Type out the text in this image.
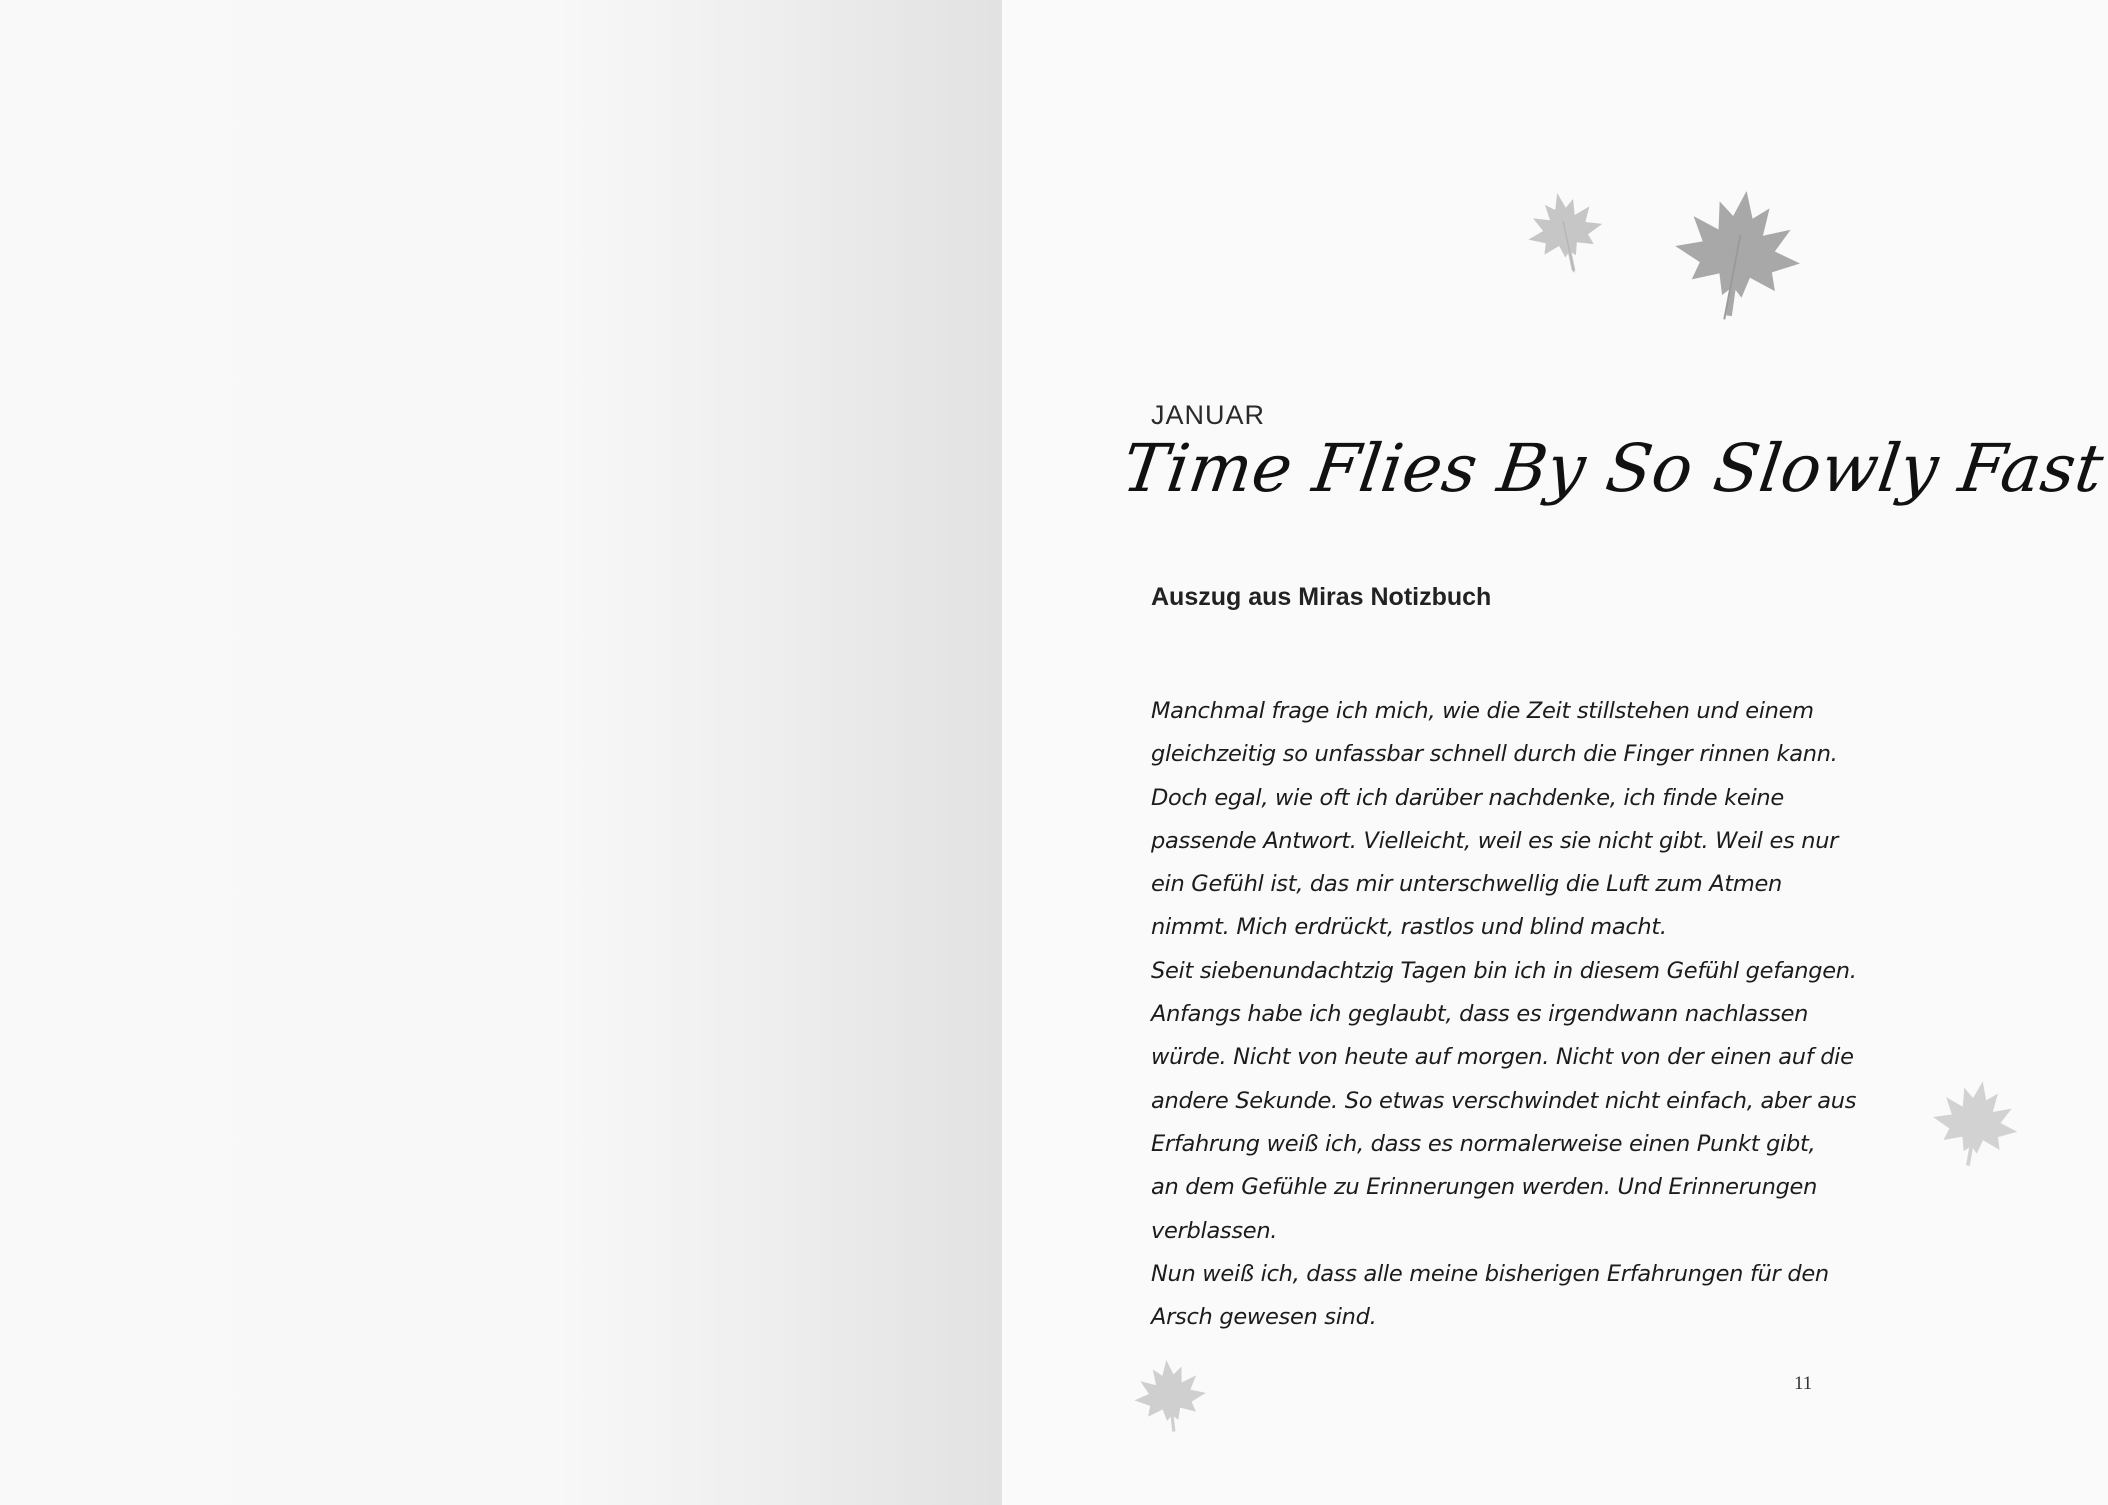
JANUAR
Time Flies By So Slowly Fast
Auszug aus Miras Notizbuch
Manchmal frage ich mich, wie die Zeit stillstehen und einem
gleichzeitig so unfassbar schnell durch die Finger rinnen kann.
Doch egal, wie oft ich darüber nachdenke, ich finde keine
passende Antwort. Vielleicht, weil es sie nicht gibt. Weil es nur
ein Gefühl ist, das mir unterschwellig die Luft zum Atmen
nimmt. Mich erdrückt, rastlos und blind macht.
Seit siebenundachtzig Tagen bin ich in diesem Gefühl gefangen.
Anfangs habe ich geglaubt, dass es irgendwann nachlassen
würde. Nicht von heute auf morgen. Nicht von der einen auf die
andere Sekunde. So etwas verschwindet nicht einfach, aber aus
Erfahrung weiß ich, dass es normalerweise einen Punkt gibt,
an dem Gefühle zu Erinnerungen werden. Und Erinnerungen
verblassen.
Nun weiß ich, dass alle meine bisherigen Erfahrungen für den
Arsch gewesen sind.
11
